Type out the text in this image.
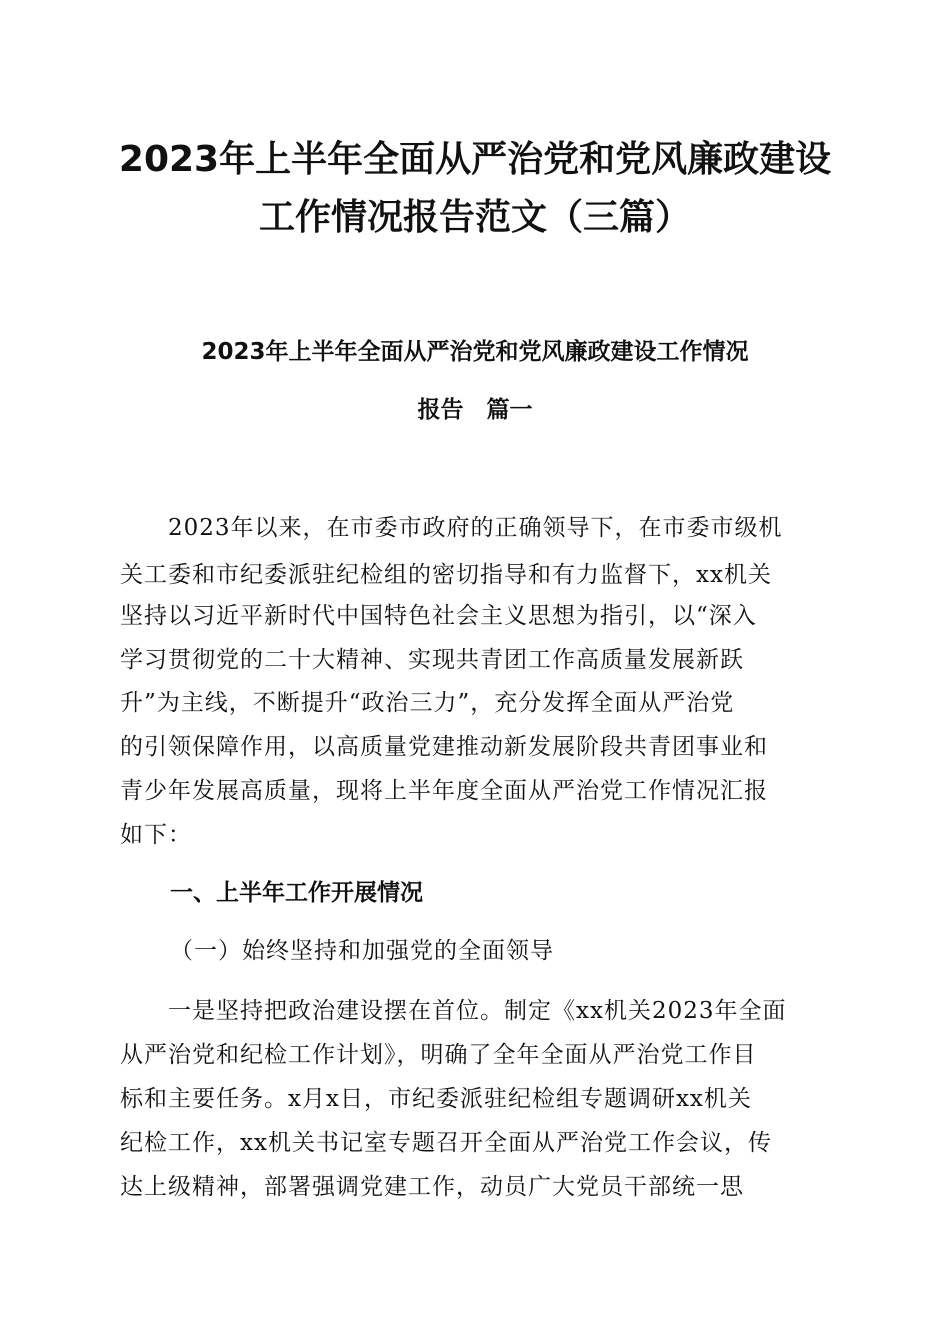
2023年上半年全面从严治党和党风廉政建设
工作情况报告范文（三篇）
2023年上半年全面从严治党和党风廉政建设工作情况
报告　篇一
　　2023年以来，在市委市政府的正确领导下，在市委市级机
关工委和市纪委派驻纪检组的密切指导和有力监督下，xx机关
坚持以习近平新时代中国特色社会主义思想为指引，以“深入
学习贯彻党的二十大精神、实现共青团工作高质量发展新跃
升”为主线，不断提升“政治三力”，充分发挥全面从严治党
的引领保障作用，以高质量党建推动新发展阶段共青团事业和
青少年发展高质量，现将上半年度全面从严治党工作情况汇报
如下：
一、上半年工作开展情况
（一）始终坚持和加强党的全面领导
　　一是坚持把政治建设摆在首位。制定《xx机关2023年全面
从严治党和纪检工作计划》，明确了全年全面从严治党工作目
标和主要任务。x月x日，市纪委派驻纪检组专题调研xx机关
纪检工作，xx机关书记室专题召开全面从严治党工作会议，传
达上级精神，部署强调党建工作，动员广大党员干部统一思
